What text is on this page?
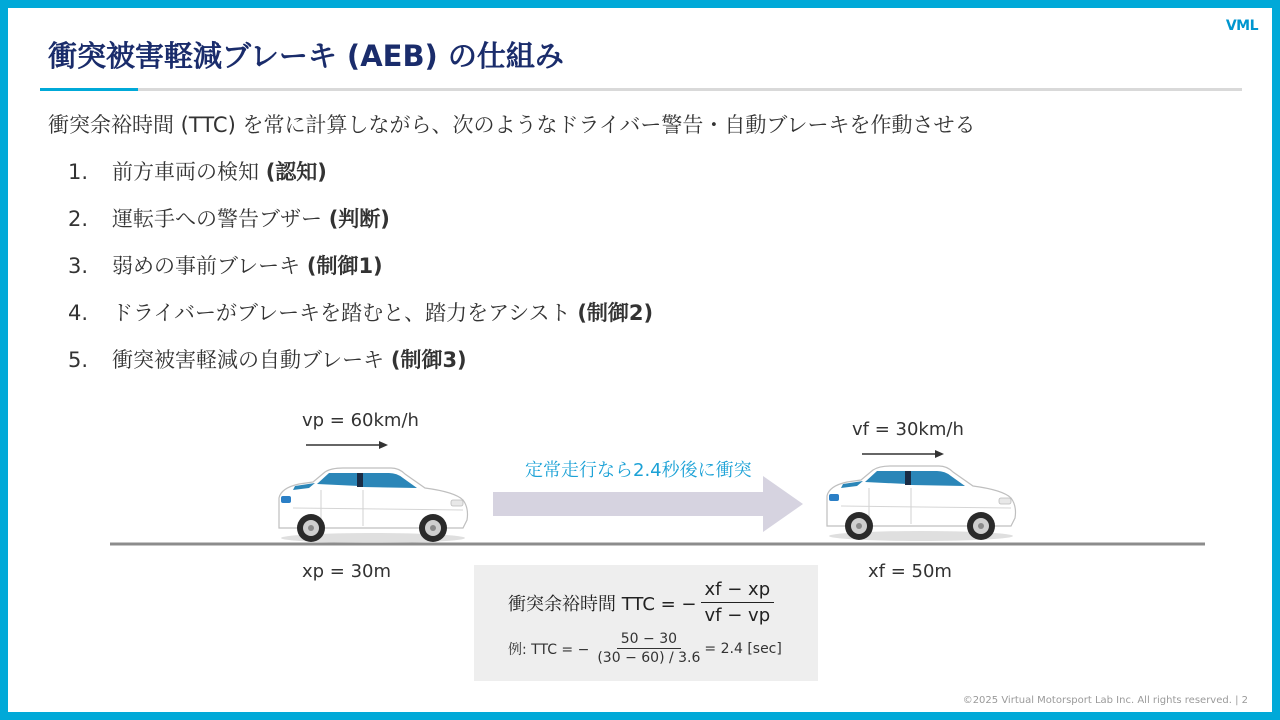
VML
衝突被害軽減ブレーキ (AEB) の仕組み
衝突余裕時間 (TTC) を常に計算しながら、次のようなドライバー警告・自動ブレーキを作動させる
1. 前方車両の検知 (認知)
2. 運転手への警告ブザー (判断)
3. 弱めの事前ブレーキ (制御1)
4. ドライバーがブレーキを踏むと、踏力をアシスト (制御2)
5. 衝突被害軽減の自動ブレーキ (制御3)
vp = 60km/h	vf = 30km/h
xp = 30m	xf = 50m
定常走行なら2.4秒後に衝突
衝突余裕時間 TTC = − $\frac{xf - xp}{vf - vp}$
例: TTC = − $\frac{50 - 30}{(30 - 60) / 3.6} = 2.4$ [sec]
©2025 Virtual Motorsport Lab Inc. All rights reserved. | 2
